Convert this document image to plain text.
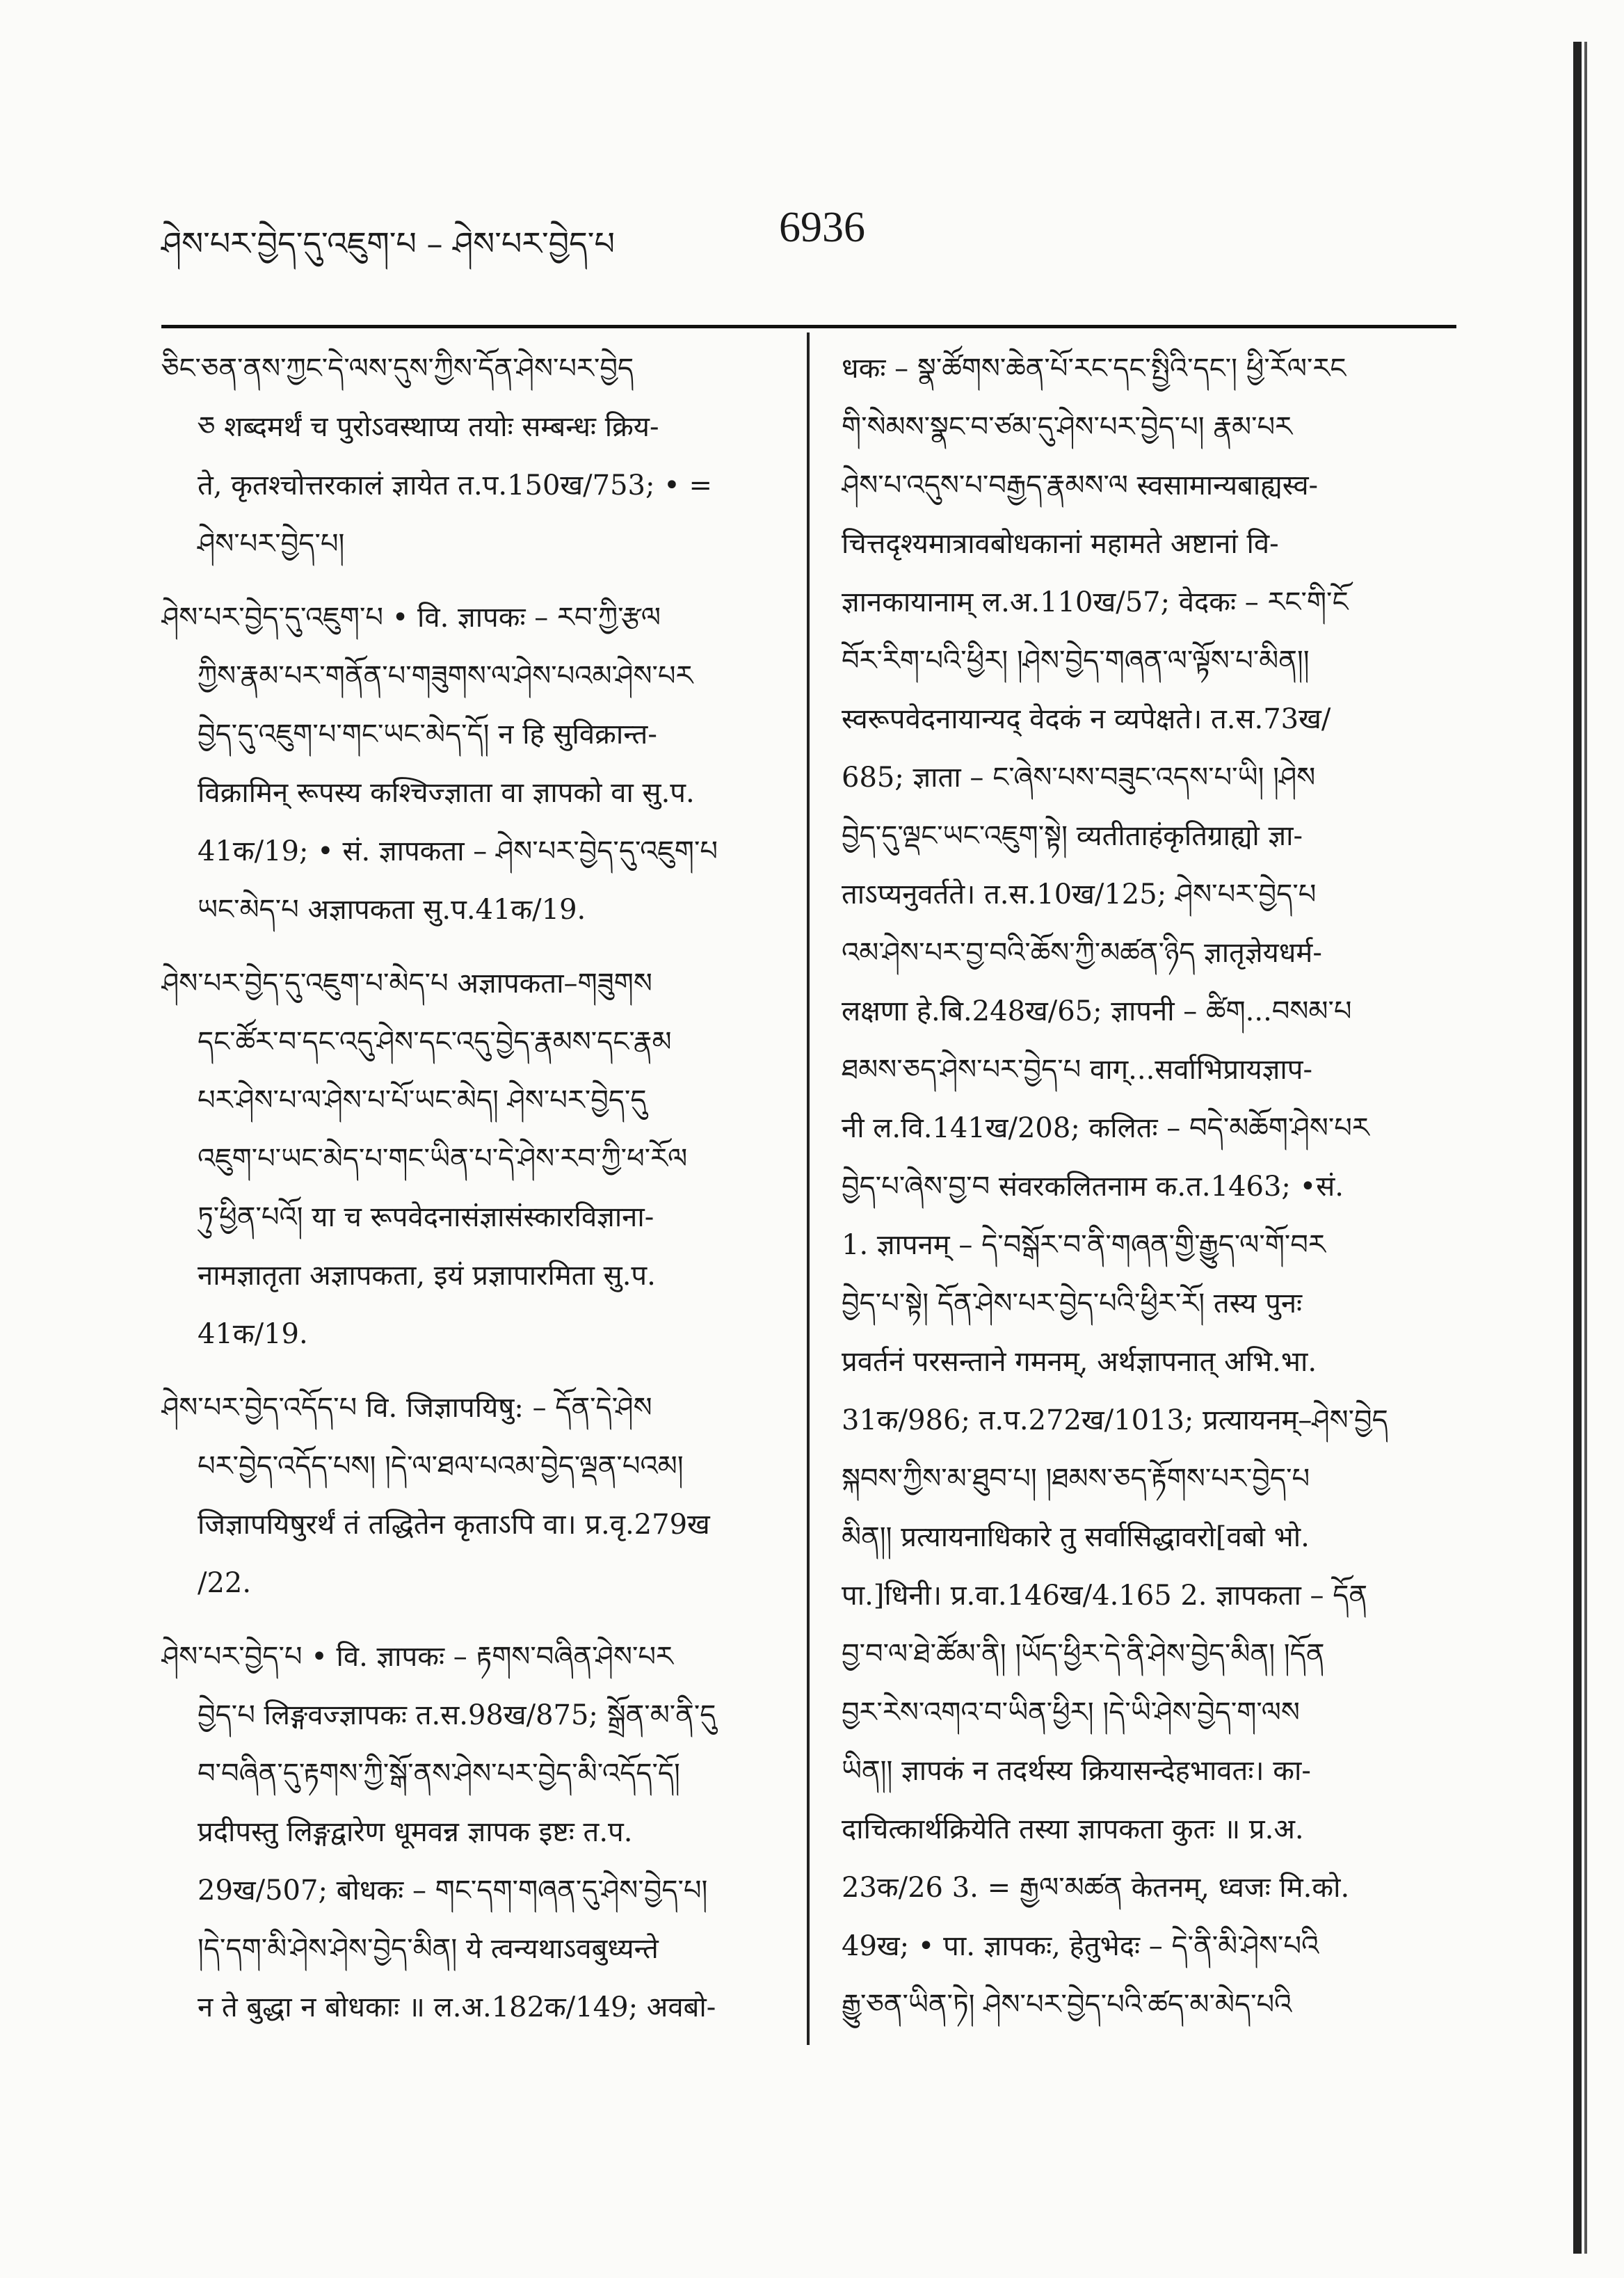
ཤེས་པར་བྱེད་དུ་འཇུག་པ – ཤེས་པར་བྱེད་པ	6936
ཅིང་ཅན་ནས་ཀྱང་དེ་ལས་དུས་ཀྱིས་དོན་ཤེས་པར་བྱེད
ཅ शब्दमर्थं च पुरोऽवस्थाप्य तयोः सम्बन्धः क्रिय-
ते, कृतश्चोत्तरकालं ज्ञायेत त.प.150ख/753; • =
ཤེས་པར་བྱེད་པ།
ཤེས་པར་བྱེད་དུ་འཇུག་པ • वि. ज्ञापकः – རབ་ཀྱི་རྩལ
ཀྱིས་རྣམ་པར་གནོན་པ་གཟུགས་ལ་ཤེས་པའམ་ཤེས་པར
བྱེད་དུ་འཇུག་པ་གང་ཡང་མེད་དོ། न हि सुविक्रान्त-
विक्रामिन् रूपस्य कश्चिज्ज्ञाता वा ज्ञापको वा सु.प.
41क/19; • सं. ज्ञापकता – ཤེས་པར་བྱེད་དུ་འཇུག་པ
ཡང་མེད་པ अज्ञापकता सु.प.41क/19.
ཤེས་པར་བྱེད་དུ་འཇུག་པ་མེད་པ अज्ञापकता–གཟུགས
དང་ཚོར་བ་དང་འདུ་ཤེས་དང་འདུ་བྱེད་རྣམས་དང་རྣམ
པར་ཤེས་པ་ལ་ཤེས་པ་པོ་ཡང་མེད། ཤེས་པར་བྱེད་དུ
འཇུག་པ་ཡང་མེད་པ་གང་ཡིན་པ་དེ་ཤེས་རབ་ཀྱི་ཕ་རོལ
ཏུ་ཕྱིན་པའོ། या च रूपवेदनासंज्ञासंस्कारविज्ञाना-
नामज्ञातृता अज्ञापकता, इयं प्रज्ञापारमिता सु.प.
41क/19.
ཤེས་པར་བྱེད་འདོད་པ वि. जिज्ञापयिषु: – དོན་དེ་ཤེས
པར་བྱེད་འདོད་པས། །དེ་ལ་ཐལ་པའམ་བྱེད་ལྡན་པའམ།
जिज्ञापयिषुरर्थं तं तद्धितेन कृताऽपि वा। प्र.वृ.279ख
/22.
ཤེས་པར་བྱེད་པ • वि. ज्ञापकः – རྟགས་བཞིན་ཤེས་པར
བྱེད་པ लिङ्गवज्ज्ञापकः त.स.98ख/875; སྒྲོན་མ་ནི་དུ
བ་བཞིན་དུ་རྟགས་ཀྱི་སྒོ་ནས་ཤེས་པར་བྱེད་མི་འདོད་དོ།
प्रदीपस्तु लिङ्गद्वारेण धूमवन्न ज्ञापक इष्टः त.प.
29ख/507; बोधकः – གང་དག་གཞན་དུ་ཤེས་བྱེད་པ།
།དེ་དག་མི་ཤེས་ཤེས་བྱེད་མིན། ये त्वन्यथाऽवबुध्यन्ते
न ते बुद्धा न बोधकाः ॥ ल.अ.182क/149; अवबो-
धकः – སྣ་ཚོགས་ཆེན་པོ་རང་དང་སྤྱིའི་དང་། ཕྱི་རོལ་རང
གི་སེམས་སྣང་བ་ཙམ་དུ་ཤེས་པར་བྱེད་པ། རྣམ་པར
ཤེས་པ་འདུས་པ་བརྒྱད་རྣམས་ལ स्वसामान्यबाह्यस्व-
चित्तदृश्यमात्रावबोधकानां महामते अष्टानां वि-
ज्ञानकायानाम् ल.अ.110ख/57; वेदकः – རང་གི་ངོ
བོར་རིག་པའི་ཕྱིར། །ཤེས་བྱེད་གཞན་ལ་ལྟོས་པ་མིན།།
स्वरूपवेदनायान्यद् वेदकं न व्यपेक्षते। त.स.73ख/
685; ज्ञाता – ང་ཞེས་པས་བཟུང་འདས་པ་ཡི། །ཤེས
བྱེད་དུ་ལྡང་ཡང་འཇུག་སྟེ། व्यतीताहंकृतिग्राह्यो ज्ञा-
ताऽप्यनुवर्तते। त.स.10ख/125; ཤེས་པར་བྱེད་པ
འམ་ཤེས་པར་བྱ་བའི་ཆོས་ཀྱི་མཚན་ཉིད ज्ञातृज्ञेयधर्म-
लक्षणा हे.बि.248ख/65; ज्ञापनी – ཚིག...བསམ་པ
ཐམས་ཅད་ཤེས་པར་བྱེད་པ वाग्...सर्वाभिप्रायज्ञाप-
नी ल.वि.141ख/208; कलितः – བདེ་མཆོག་ཤེས་པར
བྱེད་པ་ཞེས་བྱ་བ संवरकलितनाम क.त.1463; •सं.
1. ज्ञापनम् – དེ་བསྒོར་བ་ནི་གཞན་གྱི་རྒྱུད་ལ་གོ་བར
བྱེད་པ་སྟེ། དོན་ཤེས་པར་བྱེད་པའི་ཕྱིར་རོ། तस्य पुनः
प्रवर्तनं परसन्ताने गमनम्, अर्थज्ञापनात् अभि.भा.
31क/986; त.प.272ख/1013; प्रत्यायनम्–ཤེས་བྱེད
སྐབས་ཀྱིས་མ་ཐུབ་པ། །ཐམས་ཅད་རྟོགས་པར་བྱེད་པ
མིན།། प्रत्यायनाधिकारे तु सर्वासिद्धावरो[वबो भो.
पा.]धिनी। प्र.वा.146ख/4.165 2. ज्ञापकता – དོན
བྱ་བ་ལ་ཐེ་ཚོམ་ནི། །ཡོད་ཕྱིར་དེ་ནི་ཤེས་བྱེད་མིན། །དོན
བྱར་རེས་འགའ་བ་ཡིན་ཕྱིར། །དེ་ཡི་ཤེས་བྱེད་ག་ལས
ཡིན།། ज्ञापकं न तदर्थस्य क्रियासन्देहभावतः। का-
दाचित्कार्थक्रियेति तस्या ज्ञापकता कुतः ॥ प्र.अ.
23क/26 3. = རྒྱལ་མཚན केतनम्, ध्वजः मि.को.
49ख; • पा. ज्ञापकः, हेतुभेदः – དེ་ནི་མི་ཤེས་པའི
རྒྱུ་ཅན་ཡིན་ཏེ། ཤེས་པར་བྱེད་པའི་ཚད་མ་མེད་པའི
